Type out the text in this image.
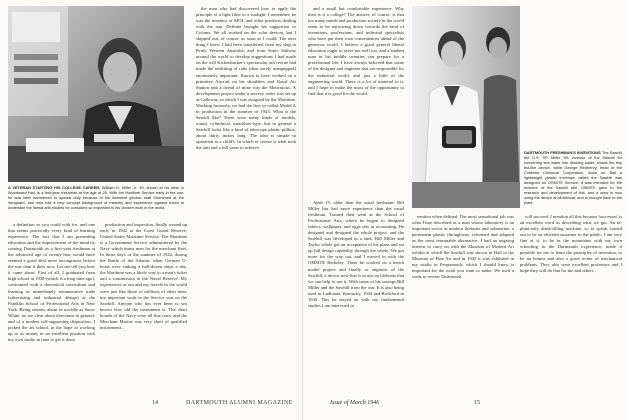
A VETERAN STARTING HIS COLLEGE CAREER, William H. Miller Jr. '49, shown at his desk in Woodward Hall, is a first-year freshman at the age of 25. With the Maritime Service early in the war, he was later transferred to special duty because of his inventive genius, staff Shortened at the Vanguard, and now has a new concept background of maturity and experience against which to undertake the liberal arts studies he considers so important to his chosen work in the world.

a definition so you could with ice, and one that seems practically every kind of learning experience. The fact that I am presenting education and the improvement of the mind by coming Dartmouth as a first-year freshman at the advanced age of twenty-four would have seemed a good deal more incongruous before the war than it does now. Let me tell you how it came about. First of all, I graduated from high school in 1938 (which is a long time ago), confronted with a theoretical curriculum and learning as immediately remunerative trade (advertising and industrial design) at the Franklin School of Professional Arts in New York. Being sixteen, about as worldly as Snow White, no too clear about directions in general, and of a modest self-supporting disposition, I picked the art school, in the hope of working up to as money in an excellent position with my own studio in time to get it done.

production and inspection, finally wound up early in 1942 at the Coast Guard Reserve, United States Maritime Service. The Maritime is a Government Service administered by the Navy which trains men for the merchant fleet. In those days of the summer of 1942, during the Battle of the Atlantic when German U-boats were sinking a half-dozen ships a day, the Maritime was a likely way to a man's ticket and a commission in the Naval Reserve. My experiences at sea and my travels in the world were just like those of millions of other men; my important work in the Service was on the Sawhill. Anyone who has ever been to sea knows how old the instrument is. The chart boards of the Navy were all fine ones; and the Merchant Marine was very short of qualified instruments...

the man who had discovered how to apply the principle of a light filter to a sunlight. I remember, he was the inventor of MOL and other products dealing with the sun. Definite brought his suggestion to Coloms. We all worked on the solar devices, but I skipped out, of course, as soon as I could. The next thing I knew I had been transferred from my ship in Perth, Western Australia, and from Sonic Subway around the world to develop suggestions I had made on the will Kickenbacker's spectacular raft rescue had made the outfitting of rafts (then sorely unequipped) enormously important. Known to have worked on a primitive Aircraft on his shoulders and Naval Air Station and a friend of mine was the Meticulous. A development project under a secrecy order was set up at Calloway, in which I was assigned by the Maritime. Working furiously, we had the first so-called Model A in production in the summer of 1943. What is the Sawtill like? There were many kinds of models, round, cylindrical, matchbox-type, but in general a Sawhill looks like a kind of telescope plastic pillbox, about thirty inches long. The idea is simple in operation to a child's. In which of course is what took the aim and a full years to achieve.

April 15, older than the usual freshman. Bill Miller has had more experience than the usual freshman. Trained then went at the School of Professional Arts, where he began to designed fabrics, wallpaper, and eggs sets in accounting. He designed and designed the whole project, and the Sawhill was developed in a tank. Bill Miller and Taylor whole got an acceptance of his plans and set up full design capability through the whole. We got more for the way out, and I moved in with the OMSITE Berkeley. There he worked on a bench model project and finally as engineer of the Sawhill, a device now that is in use on lifeboats that we can help to use it. With some of his savings Bill Miller and the Sawhill from the war. It is also being used in Ludhiana, Kentucky, 1944 and Rockford in 1945. This he stayed on with my fundamental studies I am interested in.

and a small but comfortable experience. Why then is it a college? The answer, of course, is that too many minds and production society in the world seem to be narrowing down towards the kind of inventions, professions, and technical specialists who have put their own conveniences ahead of the generous world. I believe a good general liberal education ought to serve me well too, and a student man in his middle twenties can prepare for a professional life. I have always believed that some of the designer and engineer that are responsible for the industrial world, and just a little of the engineering world. There is a lot of material to it, and I hope to make the most of the opportunity to find that it is good for the world.

DARTMOUTH FRESHMAN'S INVENTIONS The Sawhill the U.S. SP. Miller '49, inventor of the Sawhill for converting sea water into drinking water, shows the tiny fist-like device, while George Redhenry, head of the Collector Chemical Corporation, looks on. Ball a lightweight plastic envelope called the Sawhill was designed for OSMITE Service. It was intended for the inventor of the Sawhill still. OSMITE gave to the research and development of this, and a crew is now using the device at all lifeboat, and is brought back to the plant.

vention when defined. The most sensational job was what Time described as a man whose laboratory is an important sector in modern lifeboats and submarine, a permanent plastic throughway, reformed and adopted as the most reasonable alternative. I had an ongoing interest to carry on with the Museum of Modern Art exhibit at which the Sawhill was shown in Hull to the Museum of Fine Art and in 1945 it was exhibited in my studio in Pequannock, which I should know is important for the work you want to make. We used a week to review Dartmouth.

will succeed. I mention all this because 'successes' is an excellent word as describing what we got. An in-plant-only drink-filling machine, so to speak, turned out to be an efficient sustainer to the public. I am very fine at it, to be in the mountains with my own schooling in the Dartmouth experience, made it possible for me to learn the principles of invention, to be an honest and also a good writer of mechanical problems. They also were excellent professors and I hope they will do that for me and others.

14	DARTMOUTH ALUMNI MAGAZINE	Issue of March 1946	15
